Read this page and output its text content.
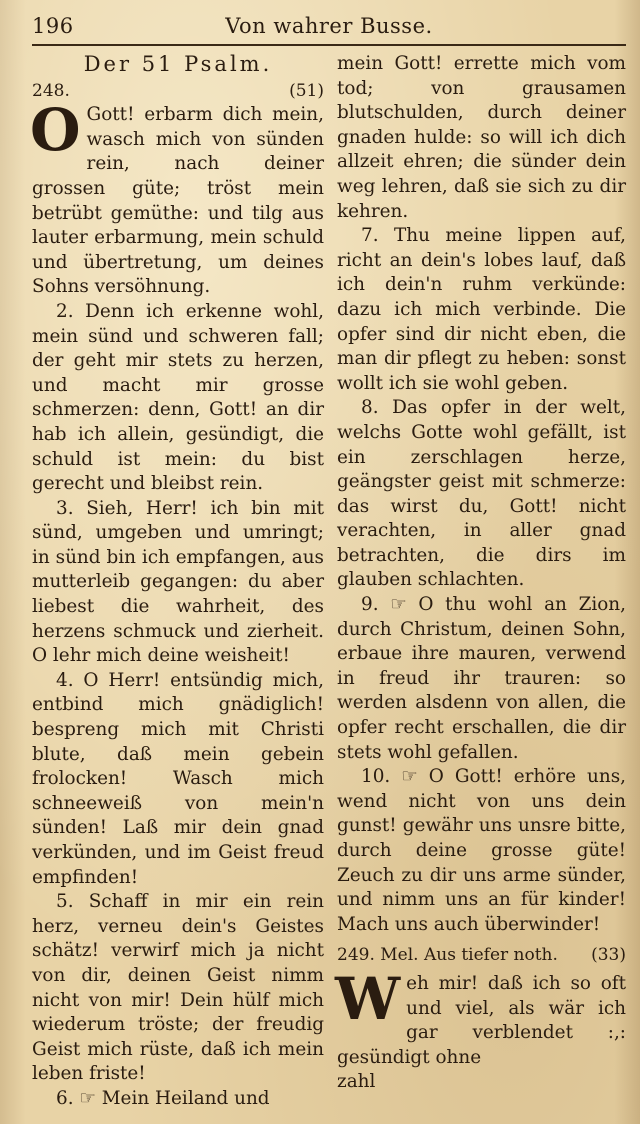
196	Von wahrer Busse.
Der 51 Psalm.
248.	(51)

O Gott! erbarm dich mein, wasch mich von sünden rein, nach deiner grossen güte; tröst mein betrübt gemüthe: und tilg aus lauter erbarmung, mein schuld und übertretung, um deines Sohns versöhnung.

2. Denn ich erkenne wohl, mein sünd und schweren fall; der geht mir stets zu herzen, und macht mir grosse schmerzen: denn, Gott! an dir hab ich allein, gesündigt, die schuld ist mein: du bist gerecht und bleibst rein.

3. Sieh, Herr! ich bin mit sünd, umgeben und umringt; in sünd bin ich empfangen, aus mutterleib gegangen: du aber liebest die wahrheit, des herzens schmuck und zierheit. O lehr mich deine weisheit!

4. O Herr! entsündig mich, entbind mich gnädiglich! bespreng mich mit Christi blute, daß mein gebein frolocken! Wasch mich schneeweiß von mein'n sünden! Laß mir dein gnad verkünden, und im Geist freud empfinden!

5. Schaff in mir ein rein herz, verneu dein's Geistes schätz! verwirf mich ja nicht von dir, deinen Geist nimm nicht von mir! Dein hülf mich wiederum tröste; der freudig Geist mich rüste, daß ich mein leben friste!

6. ☞ Mein Heiland und

mein Gott! errette mich vom tod; von grausamen blutschulden, durch deiner gnaden hulde: so will ich dich allzeit ehren; die sünder dein weg lehren, daß sie sich zu dir kehren.

7. Thu meine lippen auf, richt an dein's lobes lauf, daß ich dein'n ruhm verkünde: dazu ich mich verbinde. Die opfer sind dir nicht eben, die man dir pflegt zu heben: sonst wollt ich sie wohl geben.

8. Das opfer in der welt, welchs Gotte wohl gefällt, ist ein zerschlagen herze, geängster geist mit schmerze: das wirst du, Gott! nicht verachten, in aller gnad betrachten, die dirs im glauben schlachten.

9. ☞ O thu wohl an Zion, durch Christum, deinen Sohn, erbaue ihre mauren, verwend in freud ihr trauren: so werden alsdenn von allen, die opfer recht erschallen, die dir stets wohl gefallen.

10. ☞ O Gott! erhöre uns, wend nicht von uns dein gunst! gewähr uns unsre bitte, durch deine grosse güte! Zeuch zu dir uns arme sünder, und nimm uns an für kinder! Mach uns auch überwinder!

249. Mel. Aus tiefer noth. (33)

Weh mir! daß ich so oft und viel, als wär ich gar verblendet :,: gesündigt ohne

zahl
